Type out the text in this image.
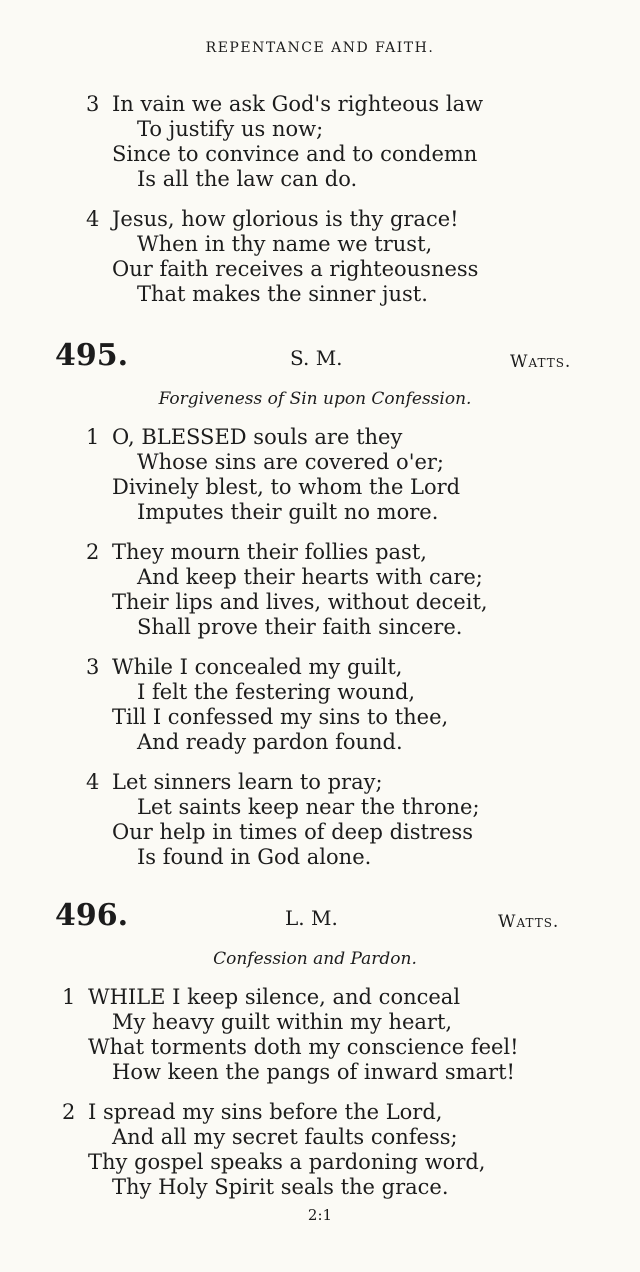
REPENTANCE AND FAITH.
3 In vain we ask God's righteous law
To justify us now;
Since to convince and to condemn
Is all the law can do.
4 Jesus, how glorious is thy grace!
When in thy name we trust,
Our faith receives a righteousness
That makes the sinner just.
495.	S. M.	Watts.
Forgiveness of Sin upon Confession.
1 O, BLESSED souls are they
Whose sins are covered o'er;
Divinely blest, to whom the Lord
Imputes their guilt no more.
2 They mourn their follies past,
And keep their hearts with care;
Their lips and lives, without deceit,
Shall prove their faith sincere.
3 While I concealed my guilt,
I felt the festering wound,
Till I confessed my sins to thee,
And ready pardon found.
4 Let sinners learn to pray;
Let saints keep near the throne;
Our help in times of deep distress
Is found in God alone.
496.	L. M.	Watts.
Confession and Pardon.
1 WHILE I keep silence, and conceal
My heavy guilt within my heart,
What torments doth my conscience feel!
How keen the pangs of inward smart!
2 I spread my sins before the Lord,
And all my secret faults confess;
Thy gospel speaks a pardoning word,
Thy Holy Spirit seals the grace.
2:1
